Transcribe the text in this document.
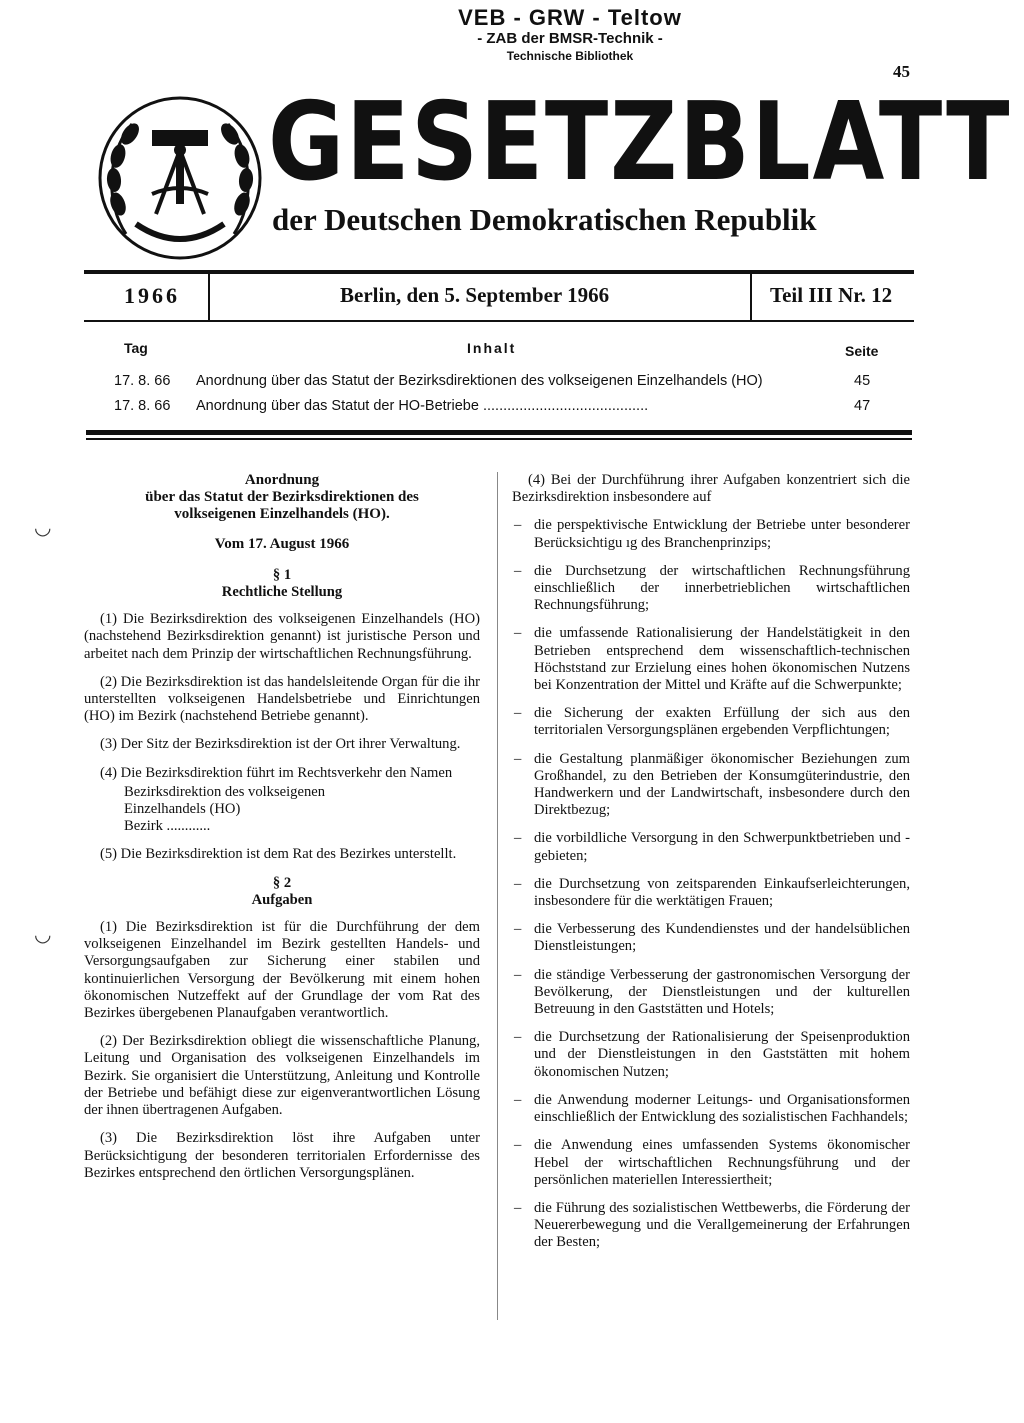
VEB - GRW - Teltow
- ZAB der BMSR-Technik -
Technische Bibliothek
45
GESETZBLATT
der Deutschen Demokratischen Republik
1966	Berlin, den 5. September 1966	Teil III Nr. 12
Tag	Inhalt	Seite
17. 8. 66 Anordnung über das Statut der Bezirksdirektionen des volkseigenen Einzelhandels (HO)	45
17. 8. 66 Anordnung über das Statut der HO-Betriebe .........................................	47
◡
◡
Anordnung
über das Statut der Bezirksdirektionen des
volkseigenen Einzelhandels (HO).
Vom 17. August 1966
§ 1
Rechtliche Stellung

(1) Die Bezirksdirektion des volkseigenen Einzelhandels (HO) (nachstehend Bezirksdirektion genannt) ist juristische Person und arbeitet nach dem Prinzip der wirtschaftlichen Rechnungsführung.

(2) Die Bezirksdirektion ist das handelsleitende Organ für die ihr unterstellten volkseigenen Handelsbetriebe und Einrichtungen (HO) im Bezirk (nachstehend Betriebe genannt).

(3) Der Sitz der Bezirksdirektion ist der Ort ihrer Verwaltung.

(4) Die Bezirksdirektion führt im Rechtsverkehr den Namen

Bezirksdirektion des volkseigenen
Einzelhandels (HO)
Bezirk ............

(5) Die Bezirksdirektion ist dem Rat des Bezirkes unterstellt.

§ 2
Aufgaben

(1) Die Bezirksdirektion ist für die Durchführung der dem volkseigenen Einzelhandel im Bezirk gestellten Handels- und Versorgungsaufgaben zur Sicherung einer stabilen und kontinuierlichen Versorgung der Bevölkerung mit einem hohen ökonomischen Nutzeffekt auf der Grundlage der vom Rat des Bezirkes übergebenen Planaufgaben verantwortlich.

(2) Der Bezirksdirektion obliegt die wissenschaftliche Planung, Leitung und Organisation des volkseigenen Einzelhandels im Bezirk. Sie organisiert die Unterstützung, Anleitung und Kontrolle der Betriebe und befähigt diese zur eigenverantwortlichen Lösung der ihnen übertragenen Aufgaben.

(3) Die Bezirksdirektion löst ihre Aufgaben unter Berücksichtigung der besonderen territorialen Erfordernisse des Bezirkes entsprechend den örtlichen Versorgungsplänen.

(4) Bei der Durchführung ihrer Aufgaben konzentriert sich die Bezirksdirektion insbesondere auf

– die perspektivische Entwicklung der Betriebe unter besonderer Berücksichtigu ıg des Branchenprinzips;
– die Durchsetzung der wirtschaftlichen Rechnungsführung einschließlich der innerbetrieblichen wirtschaftlichen Rechnungsführung;
– die umfassende Rationalisierung der Handelstätigkeit in den Betrieben entsprechend dem wissenschaftlich-technischen Höchststand zur Erzielung eines hohen ökonomischen Nutzens bei Konzentration der Mittel und Kräfte auf die Schwerpunkte;
– die Sicherung der exakten Erfüllung der sich aus den territorialen Versorgungsplänen ergebenden Verpflichtungen;
– die Gestaltung planmäßiger ökonomischer Beziehungen zum Großhandel, zu den Betrieben der Konsumgüterindustrie, den Handwerkern und der Landwirtschaft, insbesondere durch den Direktbezug;
– die vorbildliche Versorgung in den Schwerpunktbetrieben und -gebieten;
– die Durchsetzung von zeitsparenden Einkaufserleichterungen, insbesondere für die werktätigen Frauen;
– die Verbesserung des Kundendienstes und der handelsüblichen Dienstleistungen;
– die ständige Verbesserung der gastronomischen Versorgung der Bevölkerung, der Dienstleistungen und der kulturellen Betreuung in den Gaststätten und Hotels;
– die Durchsetzung der Rationalisierung der Speisenproduktion und der Dienstleistungen in den Gaststätten mit hohem ökonomischen Nutzen;
– die Anwendung moderner Leitungs- und Organisationsformen einschließlich der Entwicklung des sozialistischen Fachhandels;
– die Anwendung eines umfassenden Systems ökonomischer Hebel der wirtschaftlichen Rechnungsführung und der persönlichen materiellen Interessiertheit;
– die Führung des sozialistischen Wettbewerbs, die Förderung der Neuererbewegung und die Verallgemeinerung der Erfahrungen der Besten;
